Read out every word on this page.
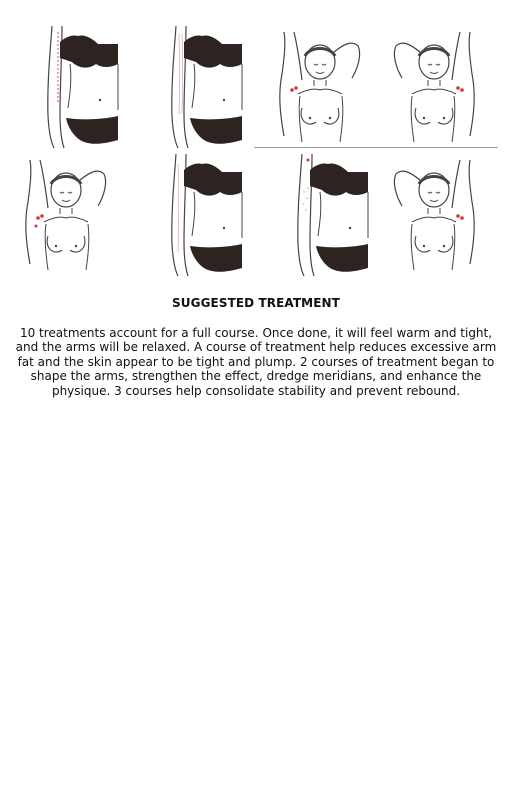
SUGGESTED TREATMENT
10 treatments account for a full course. Once done, it will feel warm and tight, and the arms will be relaxed. A course of treatment help reduces excessive arm fat and the skin appear to be tight and plump. 2 courses of treatment began to shape the arms, strengthen the effect, dredge meridians, and enhance the physique. 3 courses help consolidate stability and prevent rebound.
